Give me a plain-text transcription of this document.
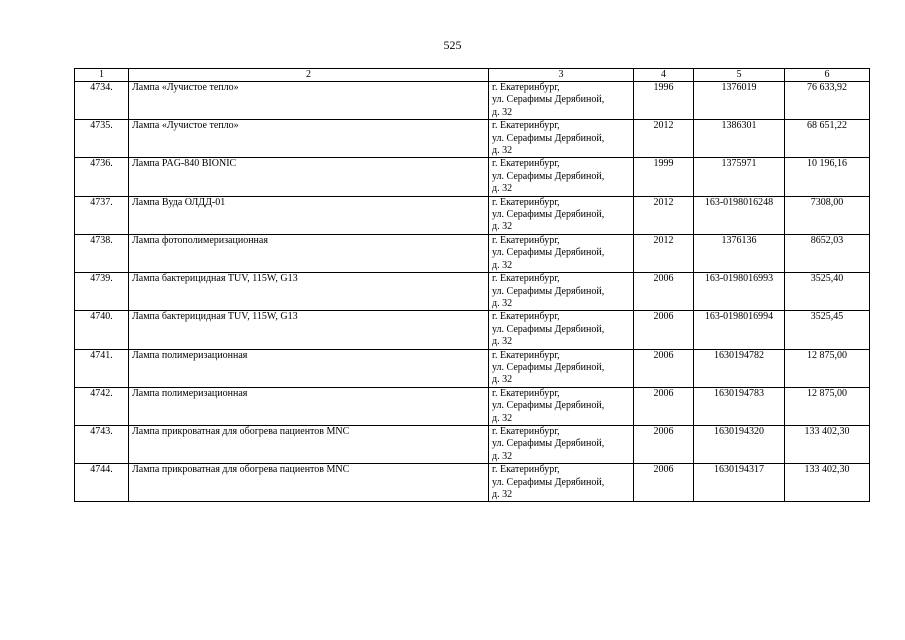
525
1	2	3	4	5	6
4734.	Лампа «Лучистое тепло»	г. Екатеринбург,
ул. Серафимы Дерябиной,
д. 32	1996	1376019	76 633,92
4735.	Лампа «Лучистое тепло»	г. Екатеринбург,
ул. Серафимы Дерябиной,
д. 32	2012	1386301	68 651,22
4736.	Лампа PAG-840 BIONIC	г. Екатеринбург,
ул. Серафимы Дерябиной,
д. 32	1999	1375971	10 196,16
4737.	Лампа Вуда ОЛДД-01	г. Екатеринбург,
ул. Серафимы Дерябиной,
д. 32	2012	163-0198016248	7308,00
4738.	Лампа фотополимеризационная	г. Екатеринбург,
ул. Серафимы Дерябиной,
д. 32	2012	1376136	8652,03
4739.	Лампа бактерицидная TUV, 115W, G13	г. Екатеринбург,
ул. Серафимы Дерябиной,
д. 32	2006	163-0198016993	3525,40
4740.	Лампа бактерицидная TUV, 115W, G13	г. Екатеринбург,
ул. Серафимы Дерябиной,
д. 32	2006	163-0198016994	3525,45
4741.	Лампа полимеризационная	г. Екатеринбург,
ул. Серафимы Дерябиной,
д. 32	2006	1630194782	12 875,00
4742.	Лампа полимеризационная	г. Екатеринбург,
ул. Серафимы Дерябиной,
д. 32	2006	1630194783	12 875,00
4743.	Лампа прикроватная для обогрева пациентов MNC	г. Екатеринбург,
ул. Серафимы Дерябиной,
д. 32	2006	1630194320	133 402,30
4744.	Лампа прикроватная для обогрева пациентов MNC	г. Екатеринбург,
ул. Серафимы Дерябиной,
д. 32	2006	1630194317	133 402,30
